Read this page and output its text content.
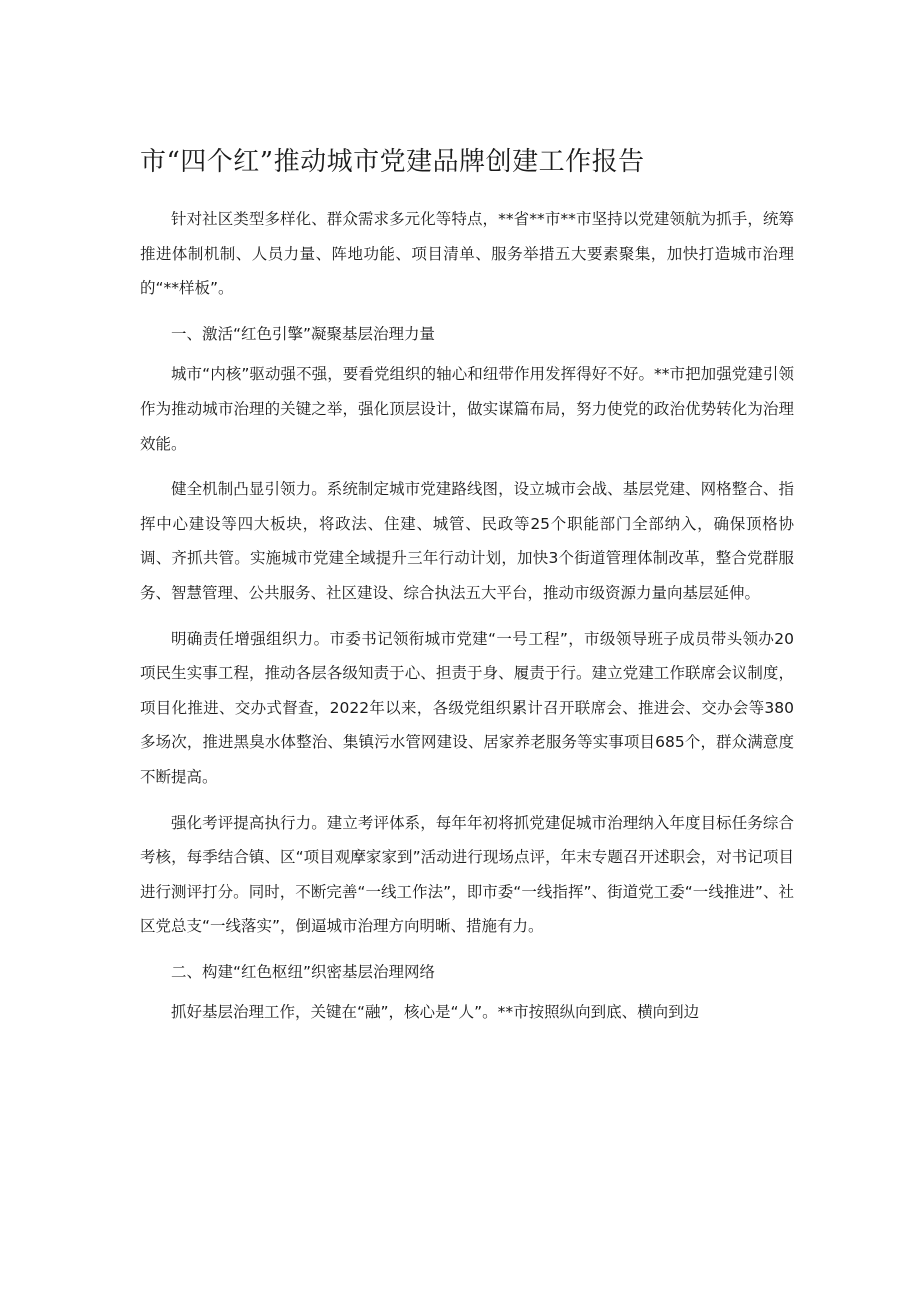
市“四个红”推动城市党建品牌创建工作报告

针对社区类型多样化、群众需求多元化等特点，**省**市**市坚持以党建领航为抓手，统筹推进体制机制、人员力量、阵地功能、项目清单、服务举措五大要素聚集，加快打造城市治理的“**样板”。

一、激活“红色引擎”凝聚基层治理力量

城市“内核”驱动强不强，要看党组织的轴心和纽带作用发挥得好不好。**市把加强党建引领作为推动城市治理的关键之举，强化顶层设计，做实谋篇布局，努力使党的政治优势转化为治理效能。

健全机制凸显引领力。系统制定城市党建路线图，设立城市会战、基层党建、网格整合、指挥中心建设等四大板块，将政法、住建、城管、民政等25个职能部门全部纳入，确保顶格协调、齐抓共管。实施城市党建全域提升三年行动计划，加快3个街道管理体制改革，整合党群服务、智慧管理、公共服务、社区建设、综合执法五大平台，推动市级资源力量向基层延伸。

明确责任增强组织力。市委书记领衔城市党建“一号工程”，市级领导班子成员带头领办20项民生实事工程，推动各层各级知责于心、担责于身、履责于行。建立党建工作联席会议制度，项目化推进、交办式督查，2022年以来，各级党组织累计召开联席会、推进会、交办会等380多场次，推进黑臭水体整治、集镇污水管网建设、居家养老服务等实事项目685个，群众满意度不断提高。

强化考评提高执行力。建立考评体系，每年年初将抓党建促城市治理纳入年度目标任务综合考核，每季结合镇、区“项目观摩家家到”活动进行现场点评，年末专题召开述职会，对书记项目进行测评打分。同时，不断完善“一线工作法”，即市委“一线指挥”、街道党工委“一线推进”、社区党总支“一线落实”，倒逼城市治理方向明晰、措施有力。

二、构建“红色枢纽”织密基层治理网络

抓好基层治理工作，关键在“融”，核心是“人”。**市按照纵向到底、横向到边
